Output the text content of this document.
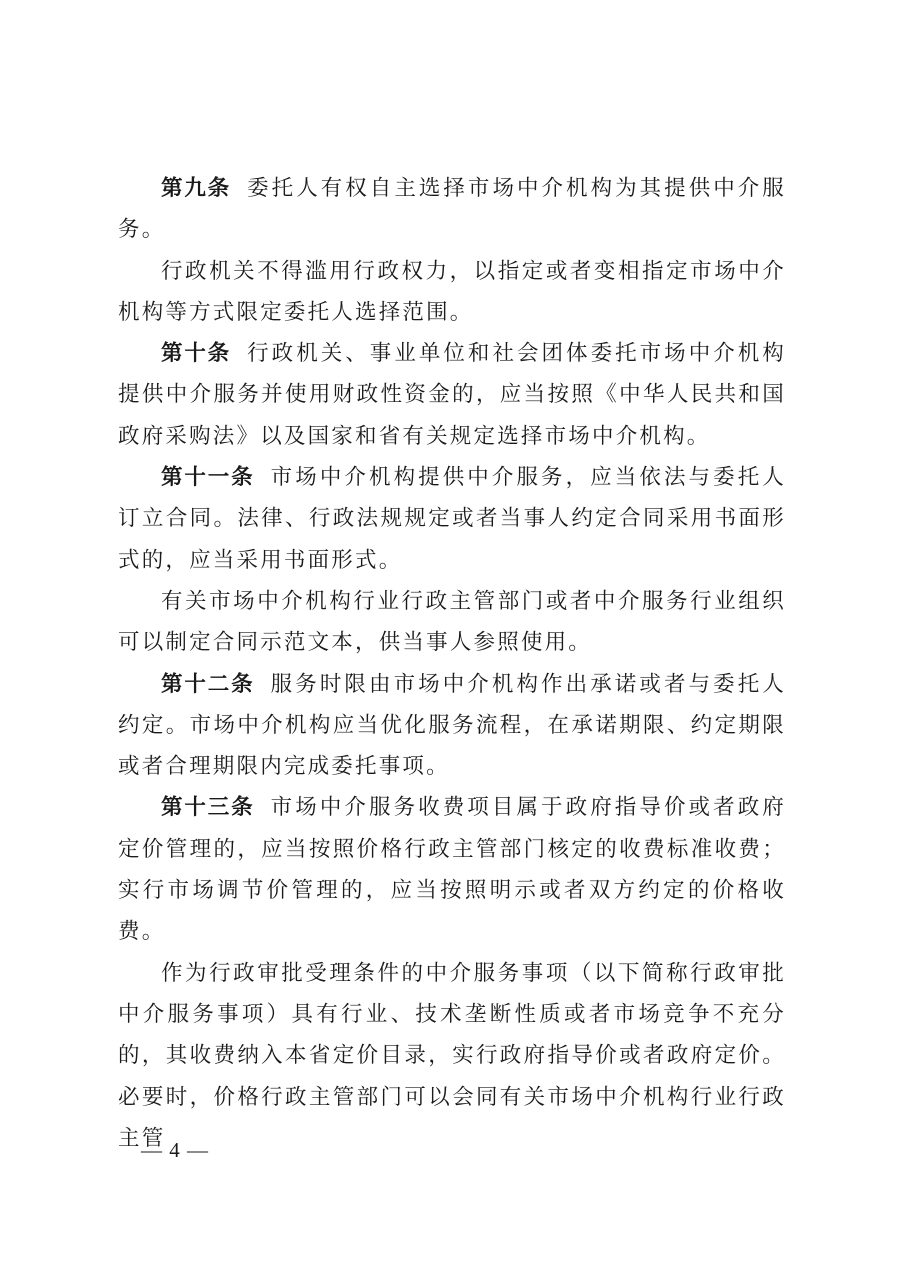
第九条 委托人有权自主选择市场中介机构为其提供中介服务。

行政机关不得滥用行政权力，以指定或者变相指定市场中介机构等方式限定委托人选择范围。

第十条 行政机关、事业单位和社会团体委托市场中介机构提供中介服务并使用财政性资金的，应当按照《中华人民共和国政府采购法》以及国家和省有关规定选择市场中介机构。

第十一条 市场中介机构提供中介服务，应当依法与委托人订立合同。法律、行政法规规定或者当事人约定合同采用书面形式的，应当采用书面形式。

有关市场中介机构行业行政主管部门或者中介服务行业组织可以制定合同示范文本，供当事人参照使用。

第十二条 服务时限由市场中介机构作出承诺或者与委托人约定。市场中介机构应当优化服务流程，在承诺期限、约定期限或者合理期限内完成委托事项。

第十三条 市场中介服务收费项目属于政府指导价或者政府定价管理的，应当按照价格行政主管部门核定的收费标准收费；实行市场调节价管理的，应当按照明示或者双方约定的价格收费。

作为行政审批受理条件的中介服务事项（以下简称行政审批中介服务事项）具有行业、技术垄断性质或者市场竞争不充分的，其收费纳入本省定价目录，实行政府指导价或者政府定价。必要时，价格行政主管部门可以会同有关市场中介机构行业行政主管

— 4 —
